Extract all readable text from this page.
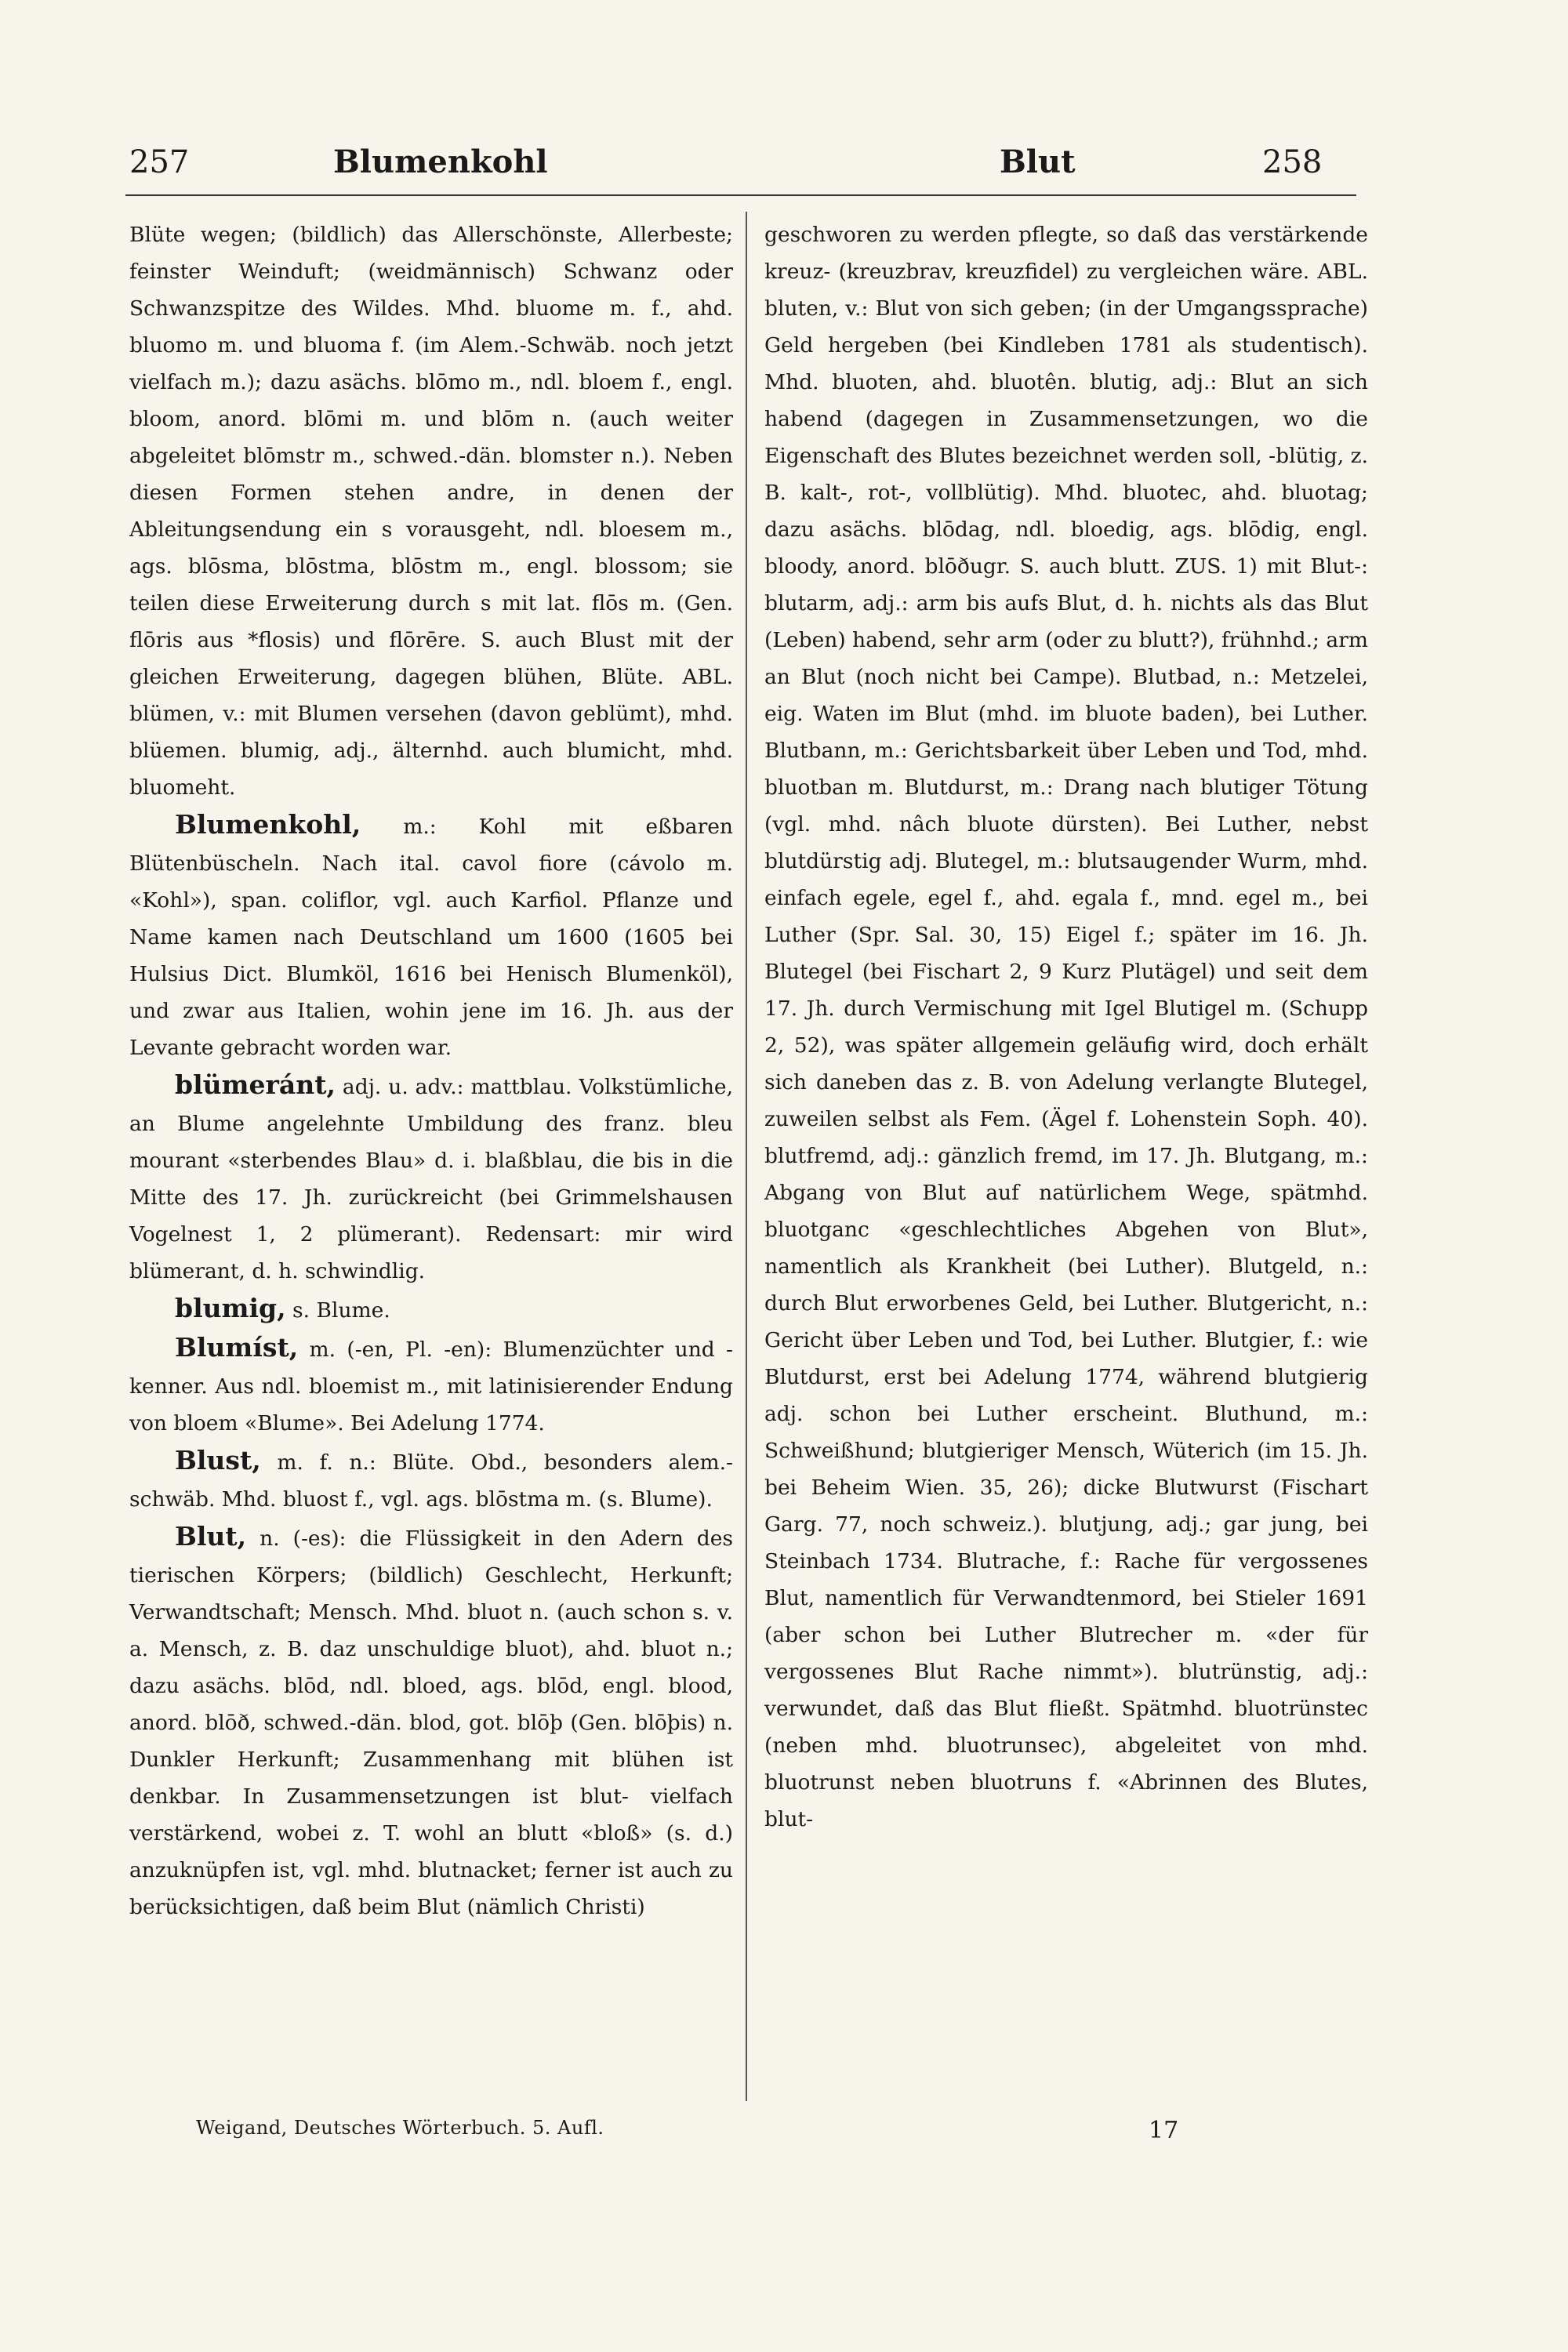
257	Blumenkohl	Blut	258

Blüte wegen; (bildlich) das Allerschönste, Allerbeste; feinster Weinduft; (weidmännisch) Schwanz oder Schwanzspitze des Wildes. Mhd. bluome m. f., ahd. bluomo m. und bluoma f. (im Alem.-Schwäb. noch jetzt vielfach m.); dazu asächs. blōmo m., ndl. bloem f., engl. bloom, anord. blōmi m. und blōm n. (auch weiter abgeleitet blōmstr m., schwed.-dän. blomster n.). Neben diesen Formen stehen andre, in denen der Ableitungsendung ein s vorausgeht, ndl. bloesem m., ags. blōsma, blōstma, blōstm m., engl. blossom; sie teilen diese Erweiterung durch s mit lat. flōs m. (Gen. flōris aus *flosis) und flōrēre. S. auch Blust mit der gleichen Erweiterung, dagegen blühen, Blüte. ABL. blümen, v.: mit Blumen versehen (davon geblümt), mhd. blüemen. blumig, adj., älternhd. auch blumicht, mhd. bluomeht.

Blumenkohl, m.: Kohl mit eßbaren Blütenbüscheln. Nach ital. cavol fiore (cávolo m. «Kohl»), span. coliflor, vgl. auch Karfiol. Pflanze und Name kamen nach Deutschland um 1600 (1605 bei Hulsius Dict. Blumköl, 1616 bei Henisch Blumenköl), und zwar aus Italien, wohin jene im 16. Jh. aus der Levante gebracht worden war.

blümeránt, adj. u. adv.: mattblau. Volkstümliche, an Blume angelehnte Umbildung des franz. bleu mourant «sterbendes Blau» d. i. blaßblau, die bis in die Mitte des 17. Jh. zurückreicht (bei Grimmelshausen Vogelnest 1, 2 plümerant). Redensart: mir wird blümerant, d. h. schwindlig.

blumig, s. Blume.

Blumíst, m. (-en, Pl. -en): Blumenzüchter und -kenner. Aus ndl. bloemist m., mit latinisierender Endung von bloem «Blume». Bei Adelung 1774.

Blust, m. f. n.: Blüte. Obd., besonders alem.-schwäb. Mhd. bluost f., vgl. ags. blōstma m. (s. Blume).

Blut, n. (-es): die Flüssigkeit in den Adern des tierischen Körpers; (bildlich) Geschlecht, Herkunft; Verwandtschaft; Mensch. Mhd. bluot n. (auch schon s. v. a. Mensch, z. B. daz unschuldige bluot), ahd. bluot n.; dazu asächs. blōd, ndl. bloed, ags. blōd, engl. blood, anord. blōð, schwed.-dän. blod, got. blōþ (Gen. blōþis) n. Dunkler Herkunft; Zusammenhang mit blühen ist denkbar. In Zusammensetzungen ist blut- vielfach verstärkend, wobei z. T. wohl an blutt «bloß» (s. d.) anzuknüpfen ist, vgl. mhd. blutnacket; ferner ist auch zu berücksichtigen, daß beim Blut (nämlich Christi)

geschworen zu werden pflegte, so daß das verstärkende kreuz- (kreuzbrav, kreuzfidel) zu vergleichen wäre. ABL. bluten, v.: Blut von sich geben; (in der Umgangssprache) Geld hergeben (bei Kindleben 1781 als studentisch). Mhd. bluoten, ahd. bluotên. blutig, adj.: Blut an sich habend (dagegen in Zusammensetzungen, wo die Eigenschaft des Blutes bezeichnet werden soll, -blütig, z. B. kalt-, rot-, vollblütig). Mhd. bluotec, ahd. bluotag; dazu asächs. blōdag, ndl. bloedig, ags. blōdig, engl. bloody, anord. blōðugr. S. auch blutt. ZUS. 1) mit Blut-: blutarm, adj.: arm bis aufs Blut, d. h. nichts als das Blut (Leben) habend, sehr arm (oder zu blutt?), frühnhd.; arm an Blut (noch nicht bei Campe). Blutbad, n.: Metzelei, eig. Waten im Blut (mhd. im bluote baden), bei Luther. Blutbann, m.: Gerichtsbarkeit über Leben und Tod, mhd. bluotban m. Blutdurst, m.: Drang nach blutiger Tötung (vgl. mhd. nâch bluote dürsten). Bei Luther, nebst blutdürstig adj. Blutegel, m.: blutsaugender Wurm, mhd. einfach egele, egel f., ahd. egala f., mnd. egel m., bei Luther (Spr. Sal. 30, 15) Eigel f.; später im 16. Jh. Blutegel (bei Fischart 2, 9 Kurz Plutägel) und seit dem 17. Jh. durch Vermischung mit Igel Blutigel m. (Schupp 2, 52), was später allgemein geläufig wird, doch erhält sich daneben das z. B. von Adelung verlangte Blutegel, zuweilen selbst als Fem. (Ägel f. Lohenstein Soph. 40). blutfremd, adj.: gänzlich fremd, im 17. Jh. Blutgang, m.: Abgang von Blut auf natürlichem Wege, spätmhd. bluotganc «geschlechtliches Abgehen von Blut», namentlich als Krankheit (bei Luther). Blutgeld, n.: durch Blut erworbenes Geld, bei Luther. Blutgericht, n.: Gericht über Leben und Tod, bei Luther. Blutgier, f.: wie Blutdurst, erst bei Adelung 1774, während blutgierig adj. schon bei Luther erscheint. Bluthund, m.: Schweißhund; blutgieriger Mensch, Wüterich (im 15. Jh. bei Beheim Wien. 35, 26); dicke Blutwurst (Fischart Garg. 77, noch schweiz.). blutjung, adj.; gar jung, bei Steinbach 1734. Blutrache, f.: Rache für vergossenes Blut, namentlich für Verwandtenmord, bei Stieler 1691 (aber schon bei Luther Blutrecher m. «der für vergossenes Blut Rache nimmt»). blutrünstig, adj.: verwundet, daß das Blut fließt. Spätmhd. bluotrünstec (neben mhd. bluotrunsec), abgeleitet von mhd. bluotrunst neben bluotruns f. «Abrinnen des Blutes, blut-

Weigand, Deutsches Wörterbuch. 5. Aufl.	17
